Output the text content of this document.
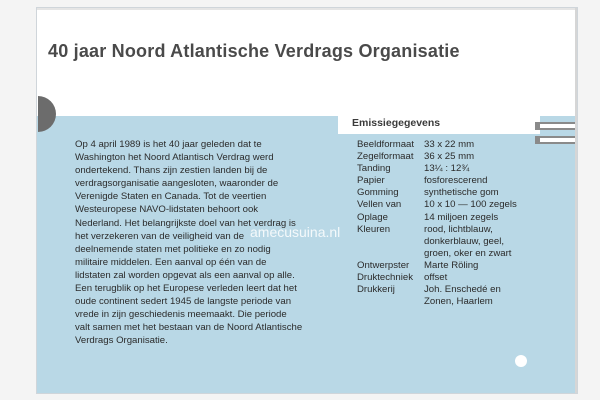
40 jaar Noord Atlantische Verdrags Organisatie
Emissiegegevens
Op 4 april 1989 is het 40 jaar geleden dat te
Washington het Noord Atlantisch Verdrag werd
ondertekend. Thans zijn zestien landen bij de
verdragsorganisatie aangesloten, waaronder de
Verenigde Staten en Canada. Tot de veertien
Westeuropese NAVO-lidstaten behoort ook
Nederland. Het belangrijkste doel van het verdrag is
het verzekeren van de veiligheid van de
deelnemende staten met politieke en zo nodig
militaire middelen. Een aanval op één van de
lidstaten zal worden opgevat als een aanval op alle.
Een terugblik op het Europese verleden leert dat het
oude continent sedert 1945 de langste periode van
vrede in zijn geschiedenis meemaakt. Die periode
valt samen met het bestaan van de Noord Atlantische
Verdrags Organisatie.
Beeldformaat	33 x 22 mm
Zegelformaat	36 x 25 mm
Tanding	13¼ : 12¾
Papier	fosforescerend
Gomming	synthetische gom
Vellen van	10 x 10 — 100 zegels
Oplage	14 miljoen zegels
Kleuren	rood, lichtblauw,
donkerblauw, geel,
groen, oker en zwart
Ontwerpster	Marte Röling
Druktechniek	offset
Drukkerij	Joh. Enschedé en
Zonen, Haarlem
amecusuina.nl
